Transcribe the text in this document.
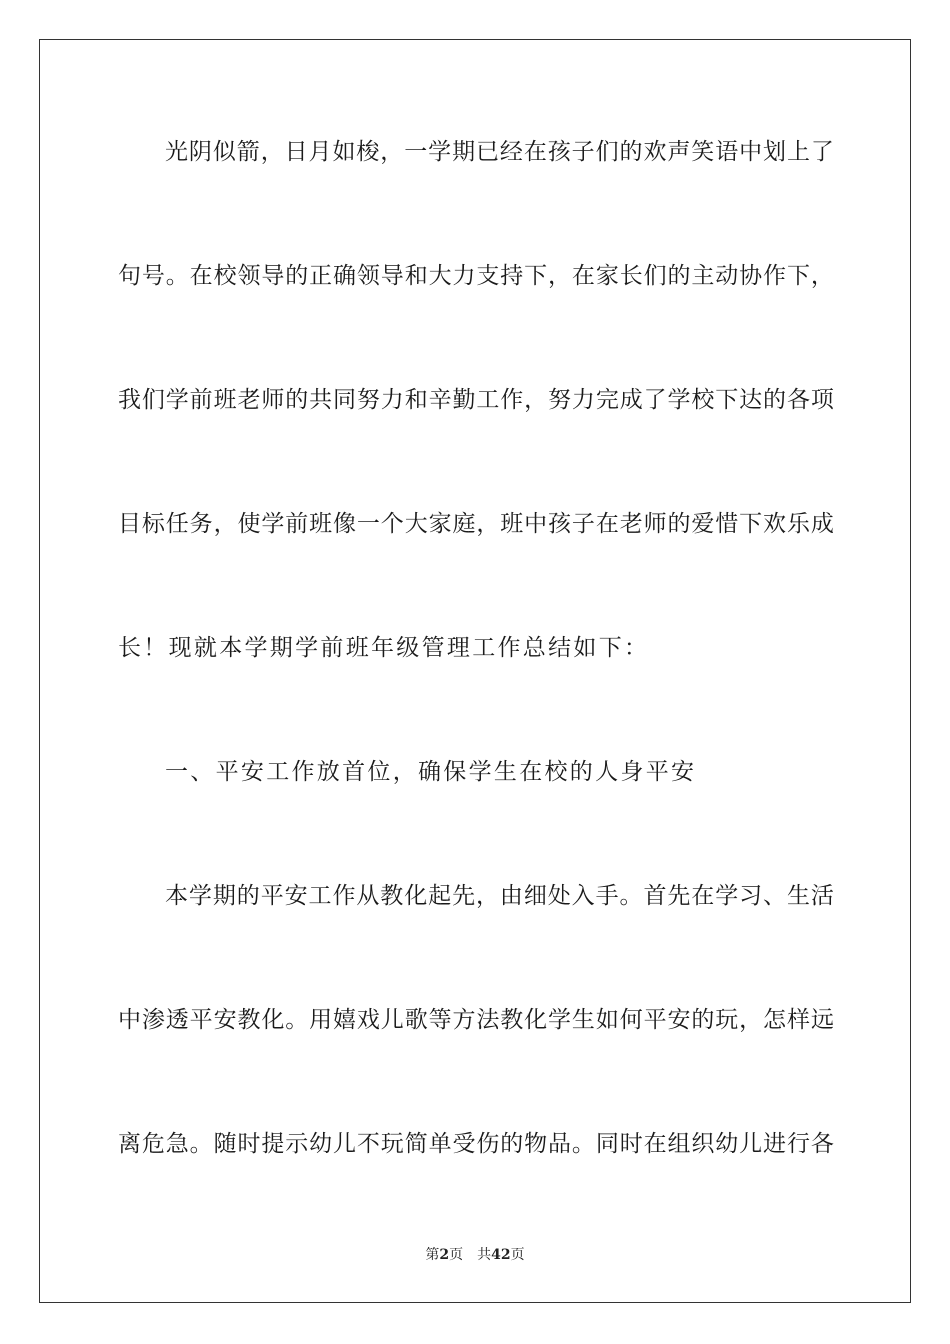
光 阴 似 箭 ， 日 月 如 梭 ， 一 学 期 已 经 在 孩 子 们 的 欢 声 笑 语 中 划 上 了
句 号 。 在 校 领 导 的 正 确 领 导 和 大 力 支 持 下 ， 在 家 长 们 的 主 动 协 作 下 ，
我 们 学 前 班 老 师 的 共 同 努 力 和 辛 勤 工 作 ， 努 力 完 成 了 学 校 下 达 的 各 项
目 标 任 务 ， 使 学 前 班 像 一 个 大 家 庭 ， 班 中 孩 子 在 老 师 的 爱 惜 下 欢 乐 成
长！现就本学期学前班年级管理工作总结如下：
一、平安工作放首位，确保学生在校的人身平安
本 学 期 的 平 安 工 作 从 教 化 起 先 ， 由 细 处 入 手 。 首 先 在 学 习 、 生 活
中 渗 透 平 安 教 化 。 用 嬉 戏 儿 歌 等 方 法 教 化 学 生 如 何 平 安 的 玩 ， 怎 样 远
离 危 急 。 随 时 提 示 幼 儿 不 玩 简 单 受 伤 的 物 品 。 同 时 在 组 织 幼 儿 进 行 各
第2页 共42页
